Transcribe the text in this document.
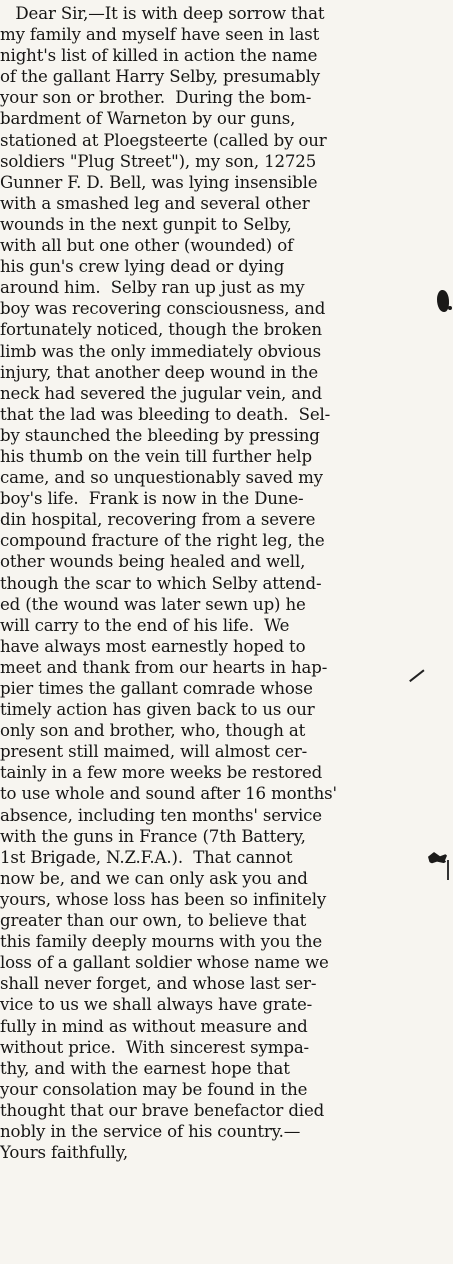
Dear Sir,—It is with deep sorrow that
my family and myself have seen in last
night's list of killed in action the name
of the gallant Harry Selby, presumably
your son or brother.  During the bom-
bardment of Warneton by our guns,
stationed at Ploegsteerte (called by our
soldiers "Plug Street"), my son, 12725
Gunner F. D. Bell, was lying insensible
with a smashed leg and several other
wounds in the next gunpit to Selby,
with all but one other (wounded) of
his gun's crew lying dead or dying
around him.  Selby ran up just as my
boy was recovering consciousness, and
fortunately noticed, though the broken
limb was the only immediately obvious
injury, that another deep wound in the
neck had severed the jugular vein, and
that the lad was bleeding to death.  Sel-
by staunched the bleeding by pressing
his thumb on the vein till further help
came, and so unquestionably saved my
boy's life.  Frank is now in the Dune-
din hospital, recovering from a severe
compound fracture of the right leg, the
other wounds being healed and well,
though the scar to which Selby attend-
ed (the wound was later sewn up) he
will carry to the end of his life.  We
have always most earnestly hoped to
meet and thank from our hearts in hap-
pier times the gallant comrade whose
timely action has given back to us our
only son and brother, who, though at
present still maimed, will almost cer-
tainly in a few more weeks be restored
to use whole and sound after 16 months'
absence, including ten months' service
with the guns in France (7th Battery,
1st Brigade, N.Z.F.A.).  That cannot
now be, and we can only ask you and
yours, whose loss has been so infinitely
greater than our own, to believe that
this family deeply mourns with you the
loss of a gallant soldier whose name we
shall never forget, and whose last ser-
vice to us we shall always have grate-
fully in mind as without measure and
without price.  With sincerest sympa-
thy, and with the earnest hope that
your consolation may be found in the
thought that our brave benefactor died
nobly in the service of his country.—
Yours faithfully,
